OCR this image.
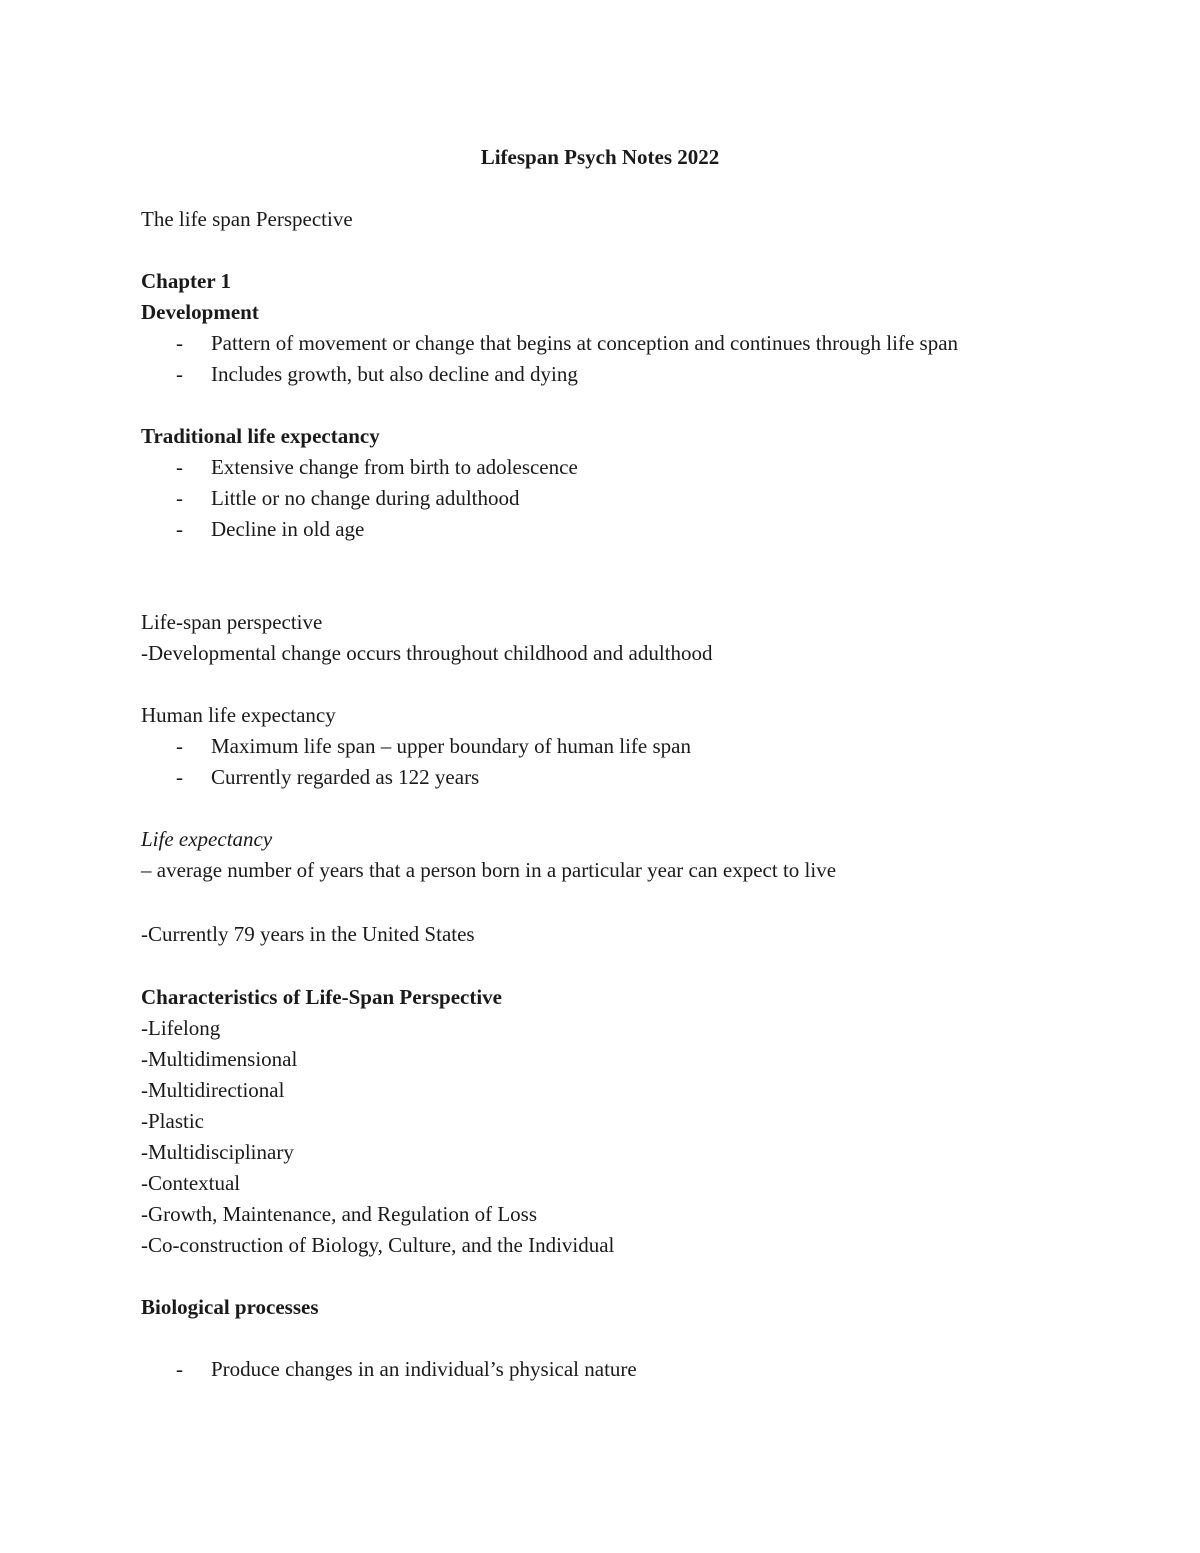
Lifespan Psych Notes 2022
The life span Perspective
Chapter 1
Development
- Pattern of movement or change that begins at conception and continues through life span
- Includes growth, but also decline and dying
Traditional life expectancy
- Extensive change from birth to adolescence
- Little or no change during adulthood
- Decline in old age
Life-span perspective
-Developmental change occurs throughout childhood and adulthood
Human life expectancy
- Maximum life span – upper boundary of human life span
- Currently regarded as 122 years
Life expectancy
– average number of years that a person born in a particular year can expect to live
-Currently 79 years in the United States
Characteristics of Life-Span Perspective
-Lifelong
-Multidimensional
-Multidirectional
-Plastic
-Multidisciplinary
-Contextual
-Growth, Maintenance, and Regulation of Loss
-Co-construction of Biology, Culture, and the Individual
Biological processes
- Produce changes in an individual’s physical nature
